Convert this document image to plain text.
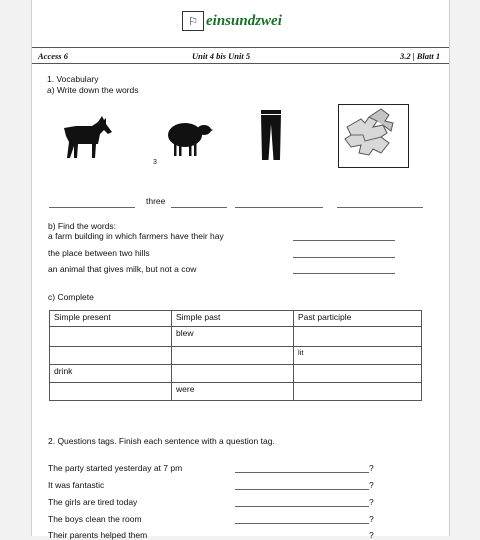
⚐ einsundzwei
Access 6	Unit 4 bis Unit 5	3.2 | Blatt 1
1. Vocabulary
a) Write down the words
3
three
b) Find the words:
a farm building in which farmers have their hay
the place between two hills
an animal that gives milk, but not a cow
c) Complete
Simple present	Simple past	Past participle
	blew	
		lit
drink		
	were	
2. Questions tags. Finish each sentence with a question tag.
The party started yesterday at 7 pm	?
It was fantastic	?
The girls are tired today	?
The boys clean the room	?
Their parents helped them	?
